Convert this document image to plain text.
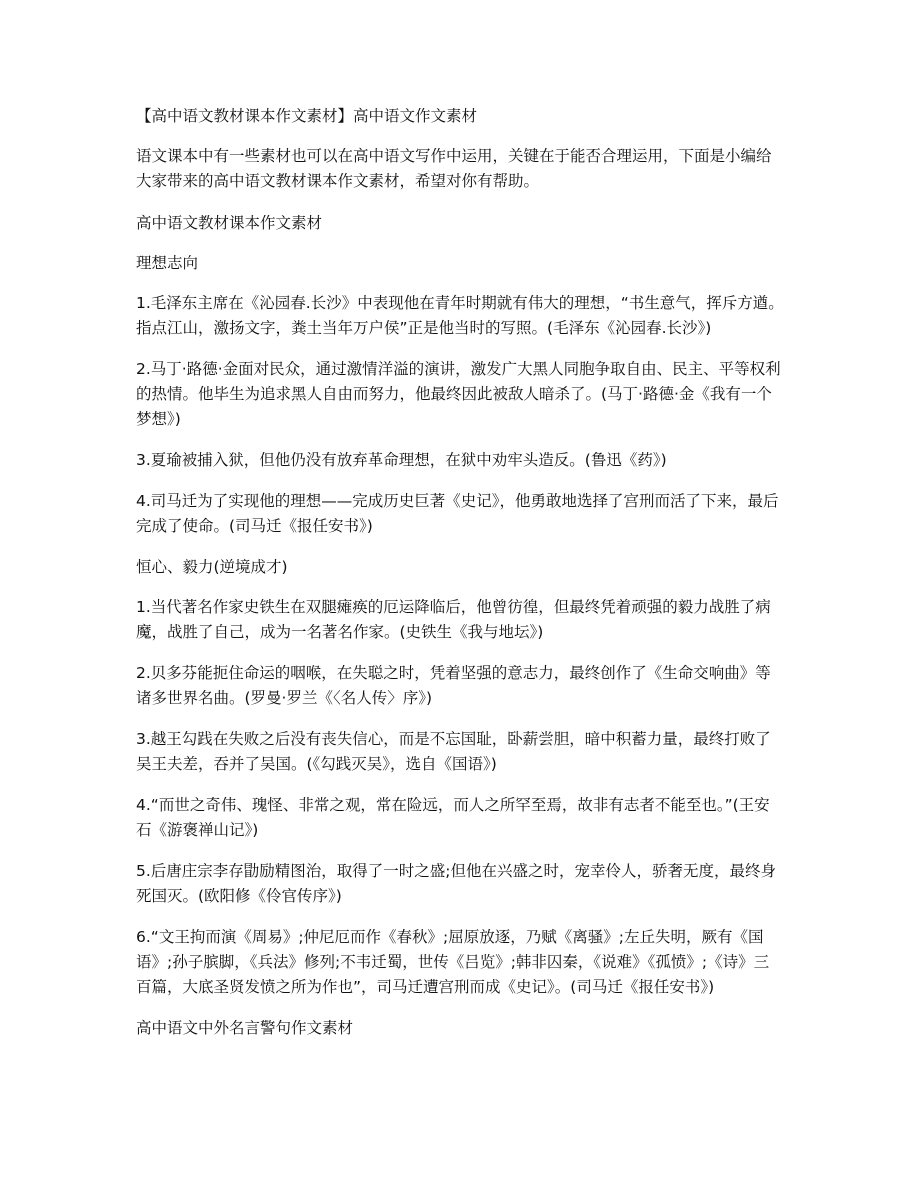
【高中语文教材课本作文素材】高中语文作文素材

语文课本中有一些素材也可以在高中语文写作中运用，关键在于能否合理运用，下面是小编给大家带来的高中语文教材课本作文素材，希望对你有帮助。

高中语文教材课本作文素材

理想志向

1.毛泽东主席在《沁园春.长沙》中表现他在青年时期就有伟大的理想，“书生意气，挥斥方遒。指点江山，激扬文字，粪土当年万户侯”正是他当时的写照。(毛泽东《沁园春.长沙》)

2.马丁·路德·金面对民众，通过激情洋溢的演讲，激发广大黑人同胞争取自由、民主、平等权利的热情。他毕生为追求黑人自由而努力，他最终因此被敌人暗杀了。(马丁·路德·金《我有一个梦想》)

3.夏瑜被捕入狱，但他仍没有放弃革命理想，在狱中劝牢头造反。(鲁迅《药》)

4.司马迁为了实现他的理想——完成历史巨著《史记》，他勇敢地选择了宫刑而活了下来，最后完成了使命。(司马迁《报任安书》)

恒心、毅力(逆境成才)

1.当代著名作家史铁生在双腿瘫痪的厄运降临后，他曾彷徨，但最终凭着顽强的毅力战胜了病魔，战胜了自己，成为一名著名作家。(史铁生《我与地坛》)

2.贝多芬能扼住命运的咽喉，在失聪之时，凭着坚强的意志力，最终创作了《生命交响曲》等诸多世界名曲。(罗曼·罗兰《〈名人传〉序》)

3.越王勾践在失败之后没有丧失信心，而是不忘国耻，卧薪尝胆，暗中积蓄力量，最终打败了吴王夫差，吞并了吴国。(《勾践灭吴》，选自《国语》)

4.“而世之奇伟、瑰怪、非常之观，常在险远，而人之所罕至焉，故非有志者不能至也。”(王安石《游褒禅山记》)

5.后唐庄宗李存勖励精图治，取得了一时之盛;但他在兴盛之时，宠幸伶人，骄奢无度，最终身死国灭。(欧阳修《伶官传序》)

6.“文王拘而演《周易》;仲尼厄而作《春秋》;屈原放逐，乃赋《离骚》;左丘失明，厥有《国语》;孙子膑脚，《兵法》修列;不韦迁蜀，世传《吕览》;韩非囚秦，《说难》《孤愤》;《诗》三百篇，大底圣贤发愤之所为作也”，司马迁遭宫刑而成《史记》。(司马迁《报任安书》)

高中语文中外名言警句作文素材
